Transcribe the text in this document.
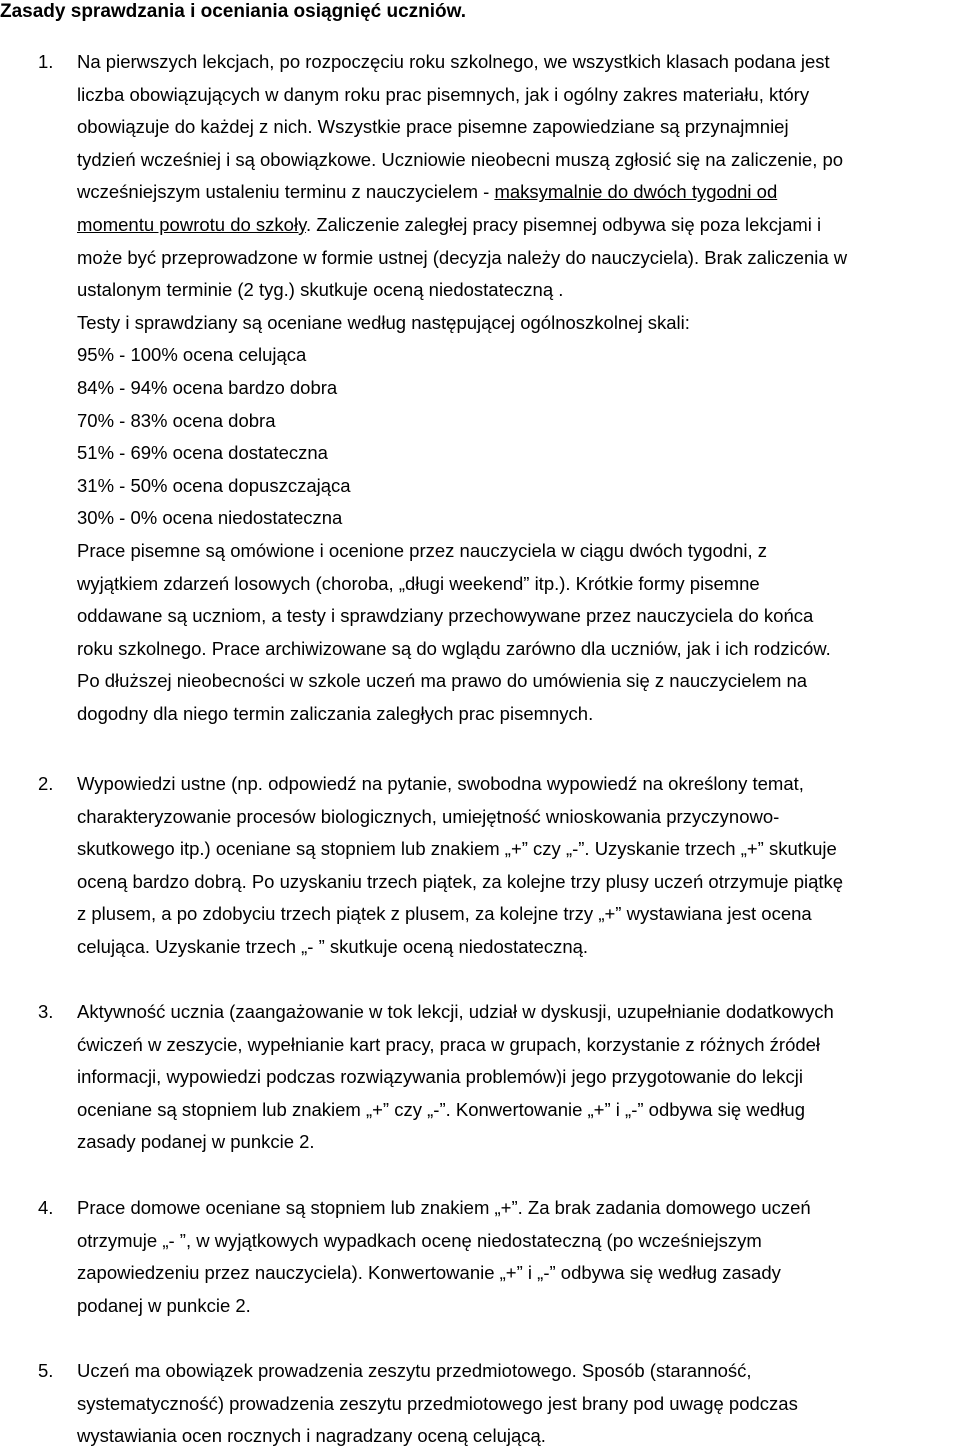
Zasady sprawdzania i oceniania osiągnięć uczniów.
1. Na pierwszych lekcjach, po rozpoczęciu roku szkolnego, we wszystkich klasach podana jest
liczba obowiązujących w danym roku prac pisemnych, jak i ogólny zakres materiału, który
obowiązuje do każdej z nich. Wszystkie prace pisemne zapowiedziane są przynajmniej
tydzień wcześniej i są obowiązkowe. Uczniowie nieobecni muszą zgłosić się na zaliczenie, po
wcześniejszym ustaleniu terminu z nauczycielem - maksymalnie do dwóch tygodni od
momentu powrotu do szkoły. Zaliczenie zaległej pracy pisemnej odbywa się poza lekcjami i
może być przeprowadzone w formie ustnej (decyzja należy do nauczyciela). Brak zaliczenia w
ustalonym terminie (2 tyg.) skutkuje oceną niedostateczną .
Testy i sprawdziany są oceniane według następującej ogólnoszkolnej skali:
95% - 100% ocena celująca
84% - 94% ocena bardzo dobra
70% - 83% ocena dobra
51% - 69% ocena dostateczna
31% - 50% ocena dopuszczająca
30% - 0% ocena niedostateczna
Prace pisemne są omówione i ocenione przez nauczyciela w ciągu dwóch tygodni, z
wyjątkiem zdarzeń losowych (choroba, „długi weekend” itp.). Krótkie formy pisemne
oddawane są uczniom, a testy i sprawdziany przechowywane przez nauczyciela do końca
roku szkolnego. Prace archiwizowane są do wglądu zarówno dla uczniów, jak i ich rodziców.
Po dłuższej nieobecności w szkole uczeń ma prawo do umówienia się z nauczycielem na
dogodny dla niego termin zaliczania zaległych prac pisemnych.
2. Wypowiedzi ustne (np. odpowiedź na pytanie, swobodna wypowiedź na określony temat,
charakteryzowanie procesów biologicznych, umiejętność wnioskowania przyczynowo-
skutkowego itp.) oceniane są stopniem lub znakiem „+” czy „-”. Uzyskanie trzech „+” skutkuje
oceną bardzo dobrą. Po uzyskaniu trzech piątek, za kolejne trzy plusy uczeń otrzymuje piątkę
z plusem, a po zdobyciu trzech piątek z plusem, za kolejne trzy „+” wystawiana jest ocena
celująca. Uzyskanie trzech „- ” skutkuje oceną niedostateczną.
3. Aktywność ucznia (zaangażowanie w tok lekcji, udział w dyskusji, uzupełnianie dodatkowych
ćwiczeń w zeszycie, wypełnianie kart pracy, praca w grupach, korzystanie z różnych źródeł
informacji, wypowiedzi podczas rozwiązywania problemów)i jego przygotowanie do lekcji
oceniane są stopniem lub znakiem „+” czy „-”. Konwertowanie „+” i „-” odbywa się według
zasady podanej w punkcie 2.
4. Prace domowe oceniane są stopniem lub znakiem „+”. Za brak zadania domowego uczeń
otrzymuje „- ”, w wyjątkowych wypadkach ocenę niedostateczną (po wcześniejszym
zapowiedzeniu przez nauczyciela). Konwertowanie „+” i „-” odbywa się według zasady
podanej w punkcie 2.
5. Uczeń ma obowiązek prowadzenia zeszytu przedmiotowego. Sposób (staranność,
systematyczność) prowadzenia zeszytu przedmiotowego jest brany pod uwagę podczas
wystawiania ocen rocznych i nagradzany oceną celującą.
